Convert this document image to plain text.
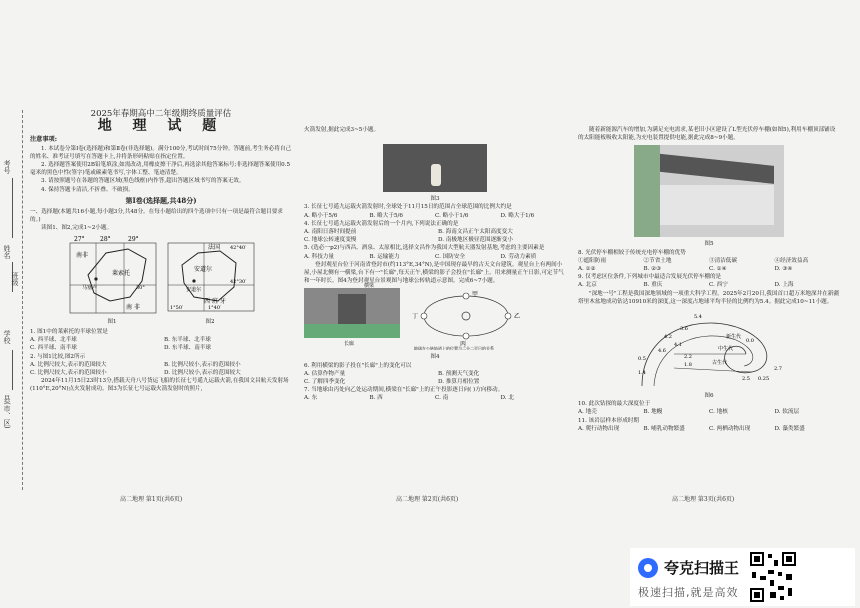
考号
姓名
班级
学校
县(市、区)
2025年春期高中二年级期终质量评估
地 理 试 题
注意事项:

1. 本试卷分第Ⅰ卷(选择题)和第Ⅱ卷(非选择题)。满分100分,考试时间75分钟。答题前,考生务必将自己的姓名、准考证号填写在答题卡上,并将条形码粘贴在指定位置。

2. 选择题答案使用2B铅笔填涂,如需改动,用橡皮擦干净后,再选涂其他答案标号;非选择题答案使用0.5毫米的黑色中性(签字)笔或碳素笔书写,字体工整、笔迹清楚。

3. 请按照题号在各题的答题区域(黑色线框)内作答,超出答题区域书写的答案无效。

4. 保持答题卡清洁,不折叠、不破损。

第Ⅰ卷(选择题,共48分)

一、选择题(本题共16小题,每小题3分,共48分。在每小题给出的四个选项中只有一项是最符合题目要求的。)

读图1、图2,完成1~2小题。

27°	28°	29°
南非
莱索托
马塞卢	30°
南 非
图1
法国 42°40′
安道尔
安道尔
42°30′
西 班 牙
1°50′	1°40′
图2

1. 图1中的莱索托的半球位置是

A. 西半球、北半球	B. 东半球、北半球
C. 西半球、南半球	D. 东半球、南半球

2. 与图1比较,图2所示

A. 比例尺较大,表示的范围较大	B. 比例尺较小,表示的范围较小
C. 比例尺较大,表示的范围较小	D. 比例尺较小,表示的范围较大

2024年11月15日23时13分,搭载天舟八号货运飞船的长征七号遥九运载火箭,在我国文昌航天发射场(110°E,20°N)点火发射成功。图3为长征七号运载火箭发射时的照片,

高二地理 第1页(共6页)

火箭发射,据此完成3~5小题。

图3

3. 长征七号遥九运载火箭发射时,全球处于11月15日的范围占全球范围的比例大约是

A. 略小于5/6	B. 略大于5/6	C. 略小于1/6	D. 略大于1/6

4. 长征七号遥九运载火箭发射后的一个月内,下列说法正确的是

A. 南阳日落时间提前	B. 海南文昌正午太阳高度变大
C. 地球公转速度变慢	D. 南极地区极昼范围逐渐变小

5. (选必一p2)与西昌、酒泉、太原相比,选择文昌作为我国大型航天器发射基地,考虑的主要因素是

A. 科技力量	B. 运输能力	C. 国防安全	D. 劳动力素质

登封观星台位于河南省登封市(约113°E,34°N),是中国现存最早的古天文台建筑。观星台上有两间小屋,小屋北侧有一横梁,台下有一"长廊",每天正午,横梁的影子会投在"长廊"上。用来测量正午日影,可定节气和一年时长。图4为登封观星台景观图与地球公转轨道示意图。完成6~7小题。

横梁
长廊
甲
乙
丙
丁
地球在公转轨道上的位置与二分二至日的关系
图4

6. 利用横梁的影子投在"长廊"上的变化可以

A. 估算作物产量	B. 预测天气变化
C. 了解四季变化	D. 推算月相位置

7. 当地球由丙处向乙处运动期间,横梁在"长廊"上的正午投影逐日向( )方向移动。

A. 东	B. 西	C. 南	D. 北
高二地理 第2页(共6页)

随着新能源汽车的增加,为满足充电需求,某老旧小区建设了L型光伏停车棚(如图5),利用车棚顶部铺设的太阳能板吸收太阳能,为充电装置提供电能,据此完成8~9小题。

图5

8. 光伏停车棚相较于传统充电停车棚的优势

①遮阳防雨	②节省土地	③清洁低碳	④经济效益高
A. ①②	B. ②③	C. ①④	D. ③④

9. 仅考虑区位条件,下列城市中最适合发展光伏停车棚的是

A. 北京	B. 重庆	C. 西宁	D. 上海

"深地一号"工程是我国深地领域的一项重大科学工程。2025年2月20日,我国首口超万米地深井在新疆塔里木盆地成功钻达10910米的深度,这一深度占地球平均半径的比例约为5.4。据此完成10~11小题。

5.4
4.2
4.1
2.7
3.6
2.2
1.8
0.5
2.5 0.25
0.0
1.4
4.6
新生代
中生代
古生代
图6

10. 此次钻探的最大深度位于

A. 地壳	B. 地幔	C. 地核	D. 软流层

11. 该岩层样本形成时期

A. 爬行动物出现	B. 哺乳动物繁盛	C. 两栖动物出现	D. 藻类繁盛
高二地理 第3页(共6页)
夸克扫描王
极速扫描,就是高效
